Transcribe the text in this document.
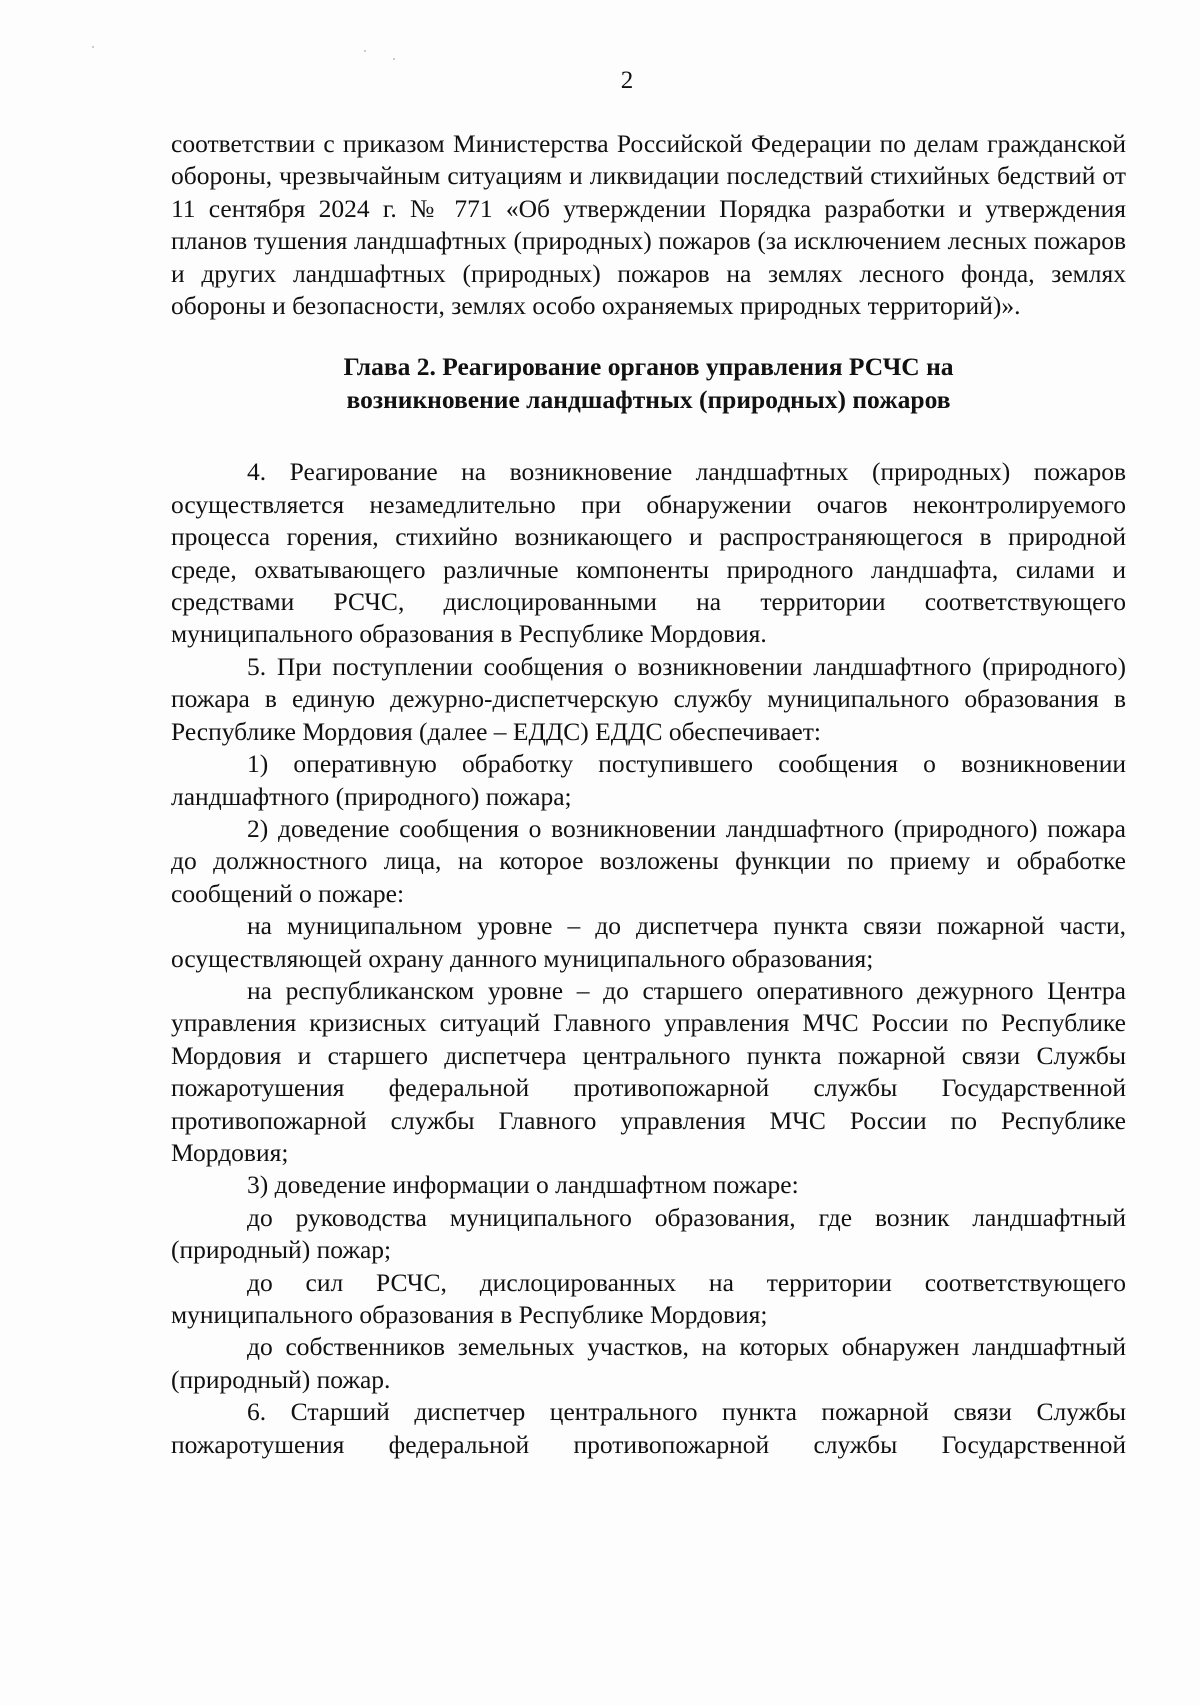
2

соответствии с приказом Министерства Российской Федерации по делам гражданской обороны, чрезвычайным ситуациям и ликвидации последствий стихийных бедствий от 11 сентября 2024 г. № 771 «Об утверждении Порядка разработки и утверждения планов тушения ландшафтных (природных) пожаров (за исключением лесных пожаров и других ландшафтных (природных) пожаров на землях лесного фонда, землях обороны и безопасности, землях особо охраняемых природных территорий)».

Глава 2. Реагирование органов управления РСЧС на
возникновение ландшафтных (природных) пожаров

4. Реагирование на возникновение ландшафтных (природных) пожаров осуществляется незамедлительно при обнаружении очагов неконтролируемого процесса горения, стихийно возникающего и распространяющегося в природной среде, охватывающего различные компоненты природного ландшафта, силами и средствами РСЧС, дислоцированными на территории соответствующего муниципального образования в Республике Мордовия.

5. При поступлении сообщения о возникновении ландшафтного (природного) пожара в единую дежурно-диспетчерскую службу муниципального образования в Республике Мордовия (далее – ЕДДС) ЕДДС обеспечивает:

1) оперативную обработку поступившего сообщения о возникновении ландшафтного (природного) пожара;

2) доведение сообщения о возникновении ландшафтного (природного) пожара до должностного лица, на которое возложены функции по приему и обработке сообщений о пожаре:

на муниципальном уровне – до диспетчера пункта связи пожарной части, осуществляющей охрану данного муниципального образования;

на республиканском уровне – до старшего оперативного дежурного Центра управления кризисных ситуаций Главного управления МЧС России по Республике Мордовия и старшего диспетчера центрального пункта пожарной связи Службы пожаротушения федеральной противопожарной службы Государственной противопожарной службы Главного управления МЧС России по Республике Мордовия;

3) доведение информации о ландшафтном пожаре:

до руководства муниципального образования, где возник ландшафтный (природный) пожар;

до сил РСЧС, дислоцированных на территории соответствующего муниципального образования в Республике Мордовия;

до собственников земельных участков, на которых обнаружен ландшафтный (природный) пожар.

6. Старший диспетчер центрального пункта пожарной связи Службы пожаротушения федеральной противопожарной службы Государственной
